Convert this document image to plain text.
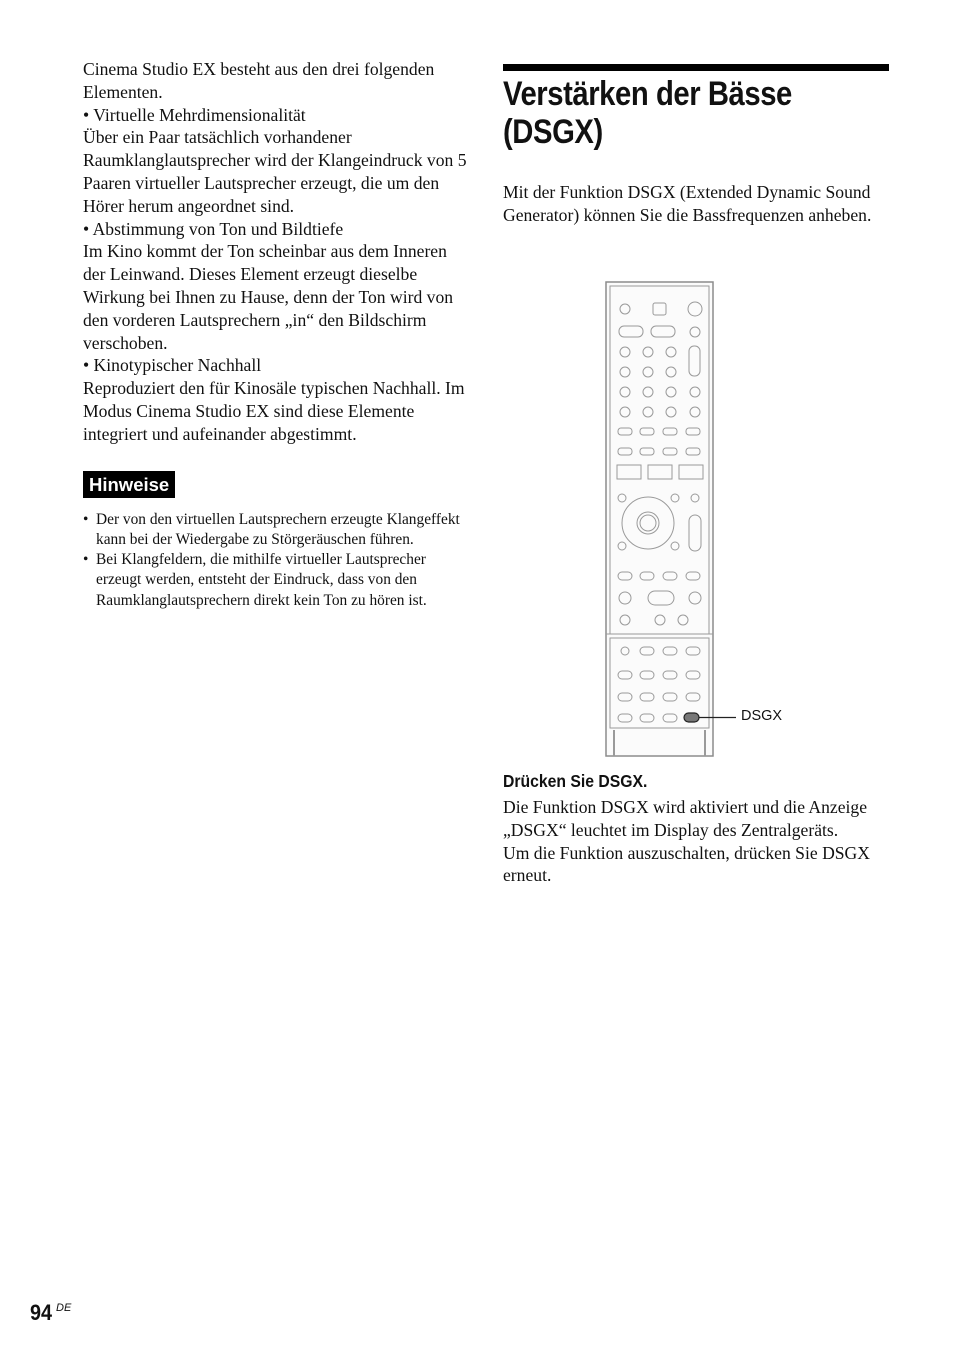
Cinema Studio EX besteht aus den drei folgenden Elementen.

• Virtuelle Mehrdimensionalität

Über ein Paar tatsächlich vorhandener Raumklanglautsprecher wird der Klangeindruck von 5 Paaren virtueller Lautsprecher erzeugt, die um den Hörer herum angeordnet sind.

• Abstimmung von Ton und Bildtiefe

Im Kino kommt der Ton scheinbar aus dem Inneren der Leinwand. Dieses Element erzeugt dieselbe Wirkung bei Ihnen zu Hause, denn der Ton wird von den vorderen Lautsprechern „in“ den Bildschirm verschoben.

• Kinotypischer Nachhall

Reproduziert den für Kinosäle typischen Nachhall. Im Modus Cinema Studio EX sind diese Elemente integriert und aufeinander abgestimmt.

Hinweise
• Der von den virtuellen Lautsprechern erzeugte Klangeffekt kann bei der Wiedergabe zu Störgeräuschen führen.
• Bei Klangfeldern, die mithilfe virtueller Lautsprecher erzeugt werden, entsteht der Eindruck, dass von den Raumklanglautsprechern direkt kein Ton zu hören ist.
Verstärken der Bässe
(DSGX)

Mit der Funktion DSGX (Extended Dynamic Sound Generator) können Sie die Bassfrequenzen anheben.

DSGX
Drücken Sie DSGX.

Die Funktion DSGX wird aktiviert und die Anzeige „DSGX“ leuchtet im Display des Zentralgeräts.

Um die Funktion auszuschalten, drücken Sie DSGX erneut.

94 DE
